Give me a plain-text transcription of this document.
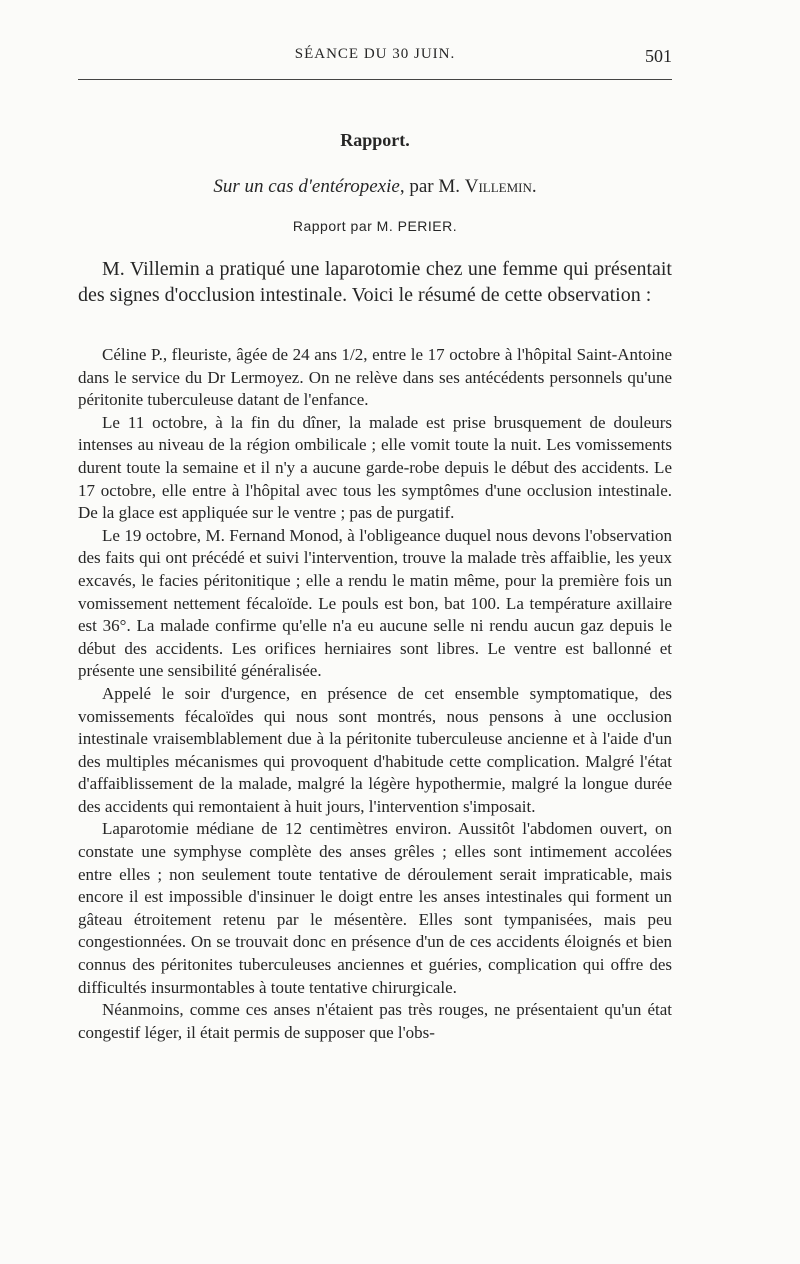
SÉANCE DU 30 JUIN.	501
Rapport.
Sur un cas d'entéropexie, par M. Villemin.
Rapport par M. PERIER.

M. Villemin a pratiqué une laparotomie chez une femme qui présentait des signes d'occlusion intestinale. Voici le résumé de cette observation :

Céline P., fleuriste, âgée de 24 ans 1/2, entre le 17 octobre à l'hôpital Saint-Antoine dans le service du Dr Lermoyez. On ne relève dans ses antécédents personnels qu'une péritonite tuberculeuse datant de l'enfance.

Le 11 octobre, à la fin du dîner, la malade est prise brusquement de douleurs intenses au niveau de la région ombilicale ; elle vomit toute la nuit. Les vomissements durent toute la semaine et il n'y a aucune garde-robe depuis le début des accidents. Le 17 octobre, elle entre à l'hôpital avec tous les symptômes d'une occlusion intestinale. De la glace est appliquée sur le ventre ; pas de purgatif.

Le 19 octobre, M. Fernand Monod, à l'obligeance duquel nous devons l'observation des faits qui ont précédé et suivi l'intervention, trouve la malade très affaiblie, les yeux excavés, le facies péritonitique ; elle a rendu le matin même, pour la première fois un vomissement nettement fécaloïde. Le pouls est bon, bat 100. La température axillaire est 36°. La malade confirme qu'elle n'a eu aucune selle ni rendu aucun gaz depuis le début des accidents. Les orifices herniaires sont libres. Le ventre est ballonné et présente une sensibilité généralisée.

Appelé le soir d'urgence, en présence de cet ensemble symptomatique, des vomissements fécaloïdes qui nous sont montrés, nous pensons à une occlusion intestinale vraisemblablement due à la péritonite tuberculeuse ancienne et à l'aide d'un des multiples mécanismes qui provoquent d'habitude cette complication. Malgré l'état d'affaiblissement de la malade, malgré la légère hypothermie, malgré la longue durée des accidents qui remontaient à huit jours, l'intervention s'imposait.

Laparotomie médiane de 12 centimètres environ. Aussitôt l'abdomen ouvert, on constate une symphyse complète des anses grêles ; elles sont intimement accolées entre elles ; non seulement toute tentative de déroulement serait impraticable, mais encore il est impossible d'insinuer le doigt entre les anses intestinales qui forment un gâteau étroitement retenu par le mésentère. Elles sont tympanisées, mais peu congestionnées. On se trouvait donc en présence d'un de ces accidents éloignés et bien connus des péritonites tuberculeuses anciennes et guéries, complication qui offre des difficultés insurmontables à toute tentative chirurgicale.

Néanmoins, comme ces anses n'étaient pas très rouges, ne présentaient qu'un état congestif léger, il était permis de supposer que l'obs-
